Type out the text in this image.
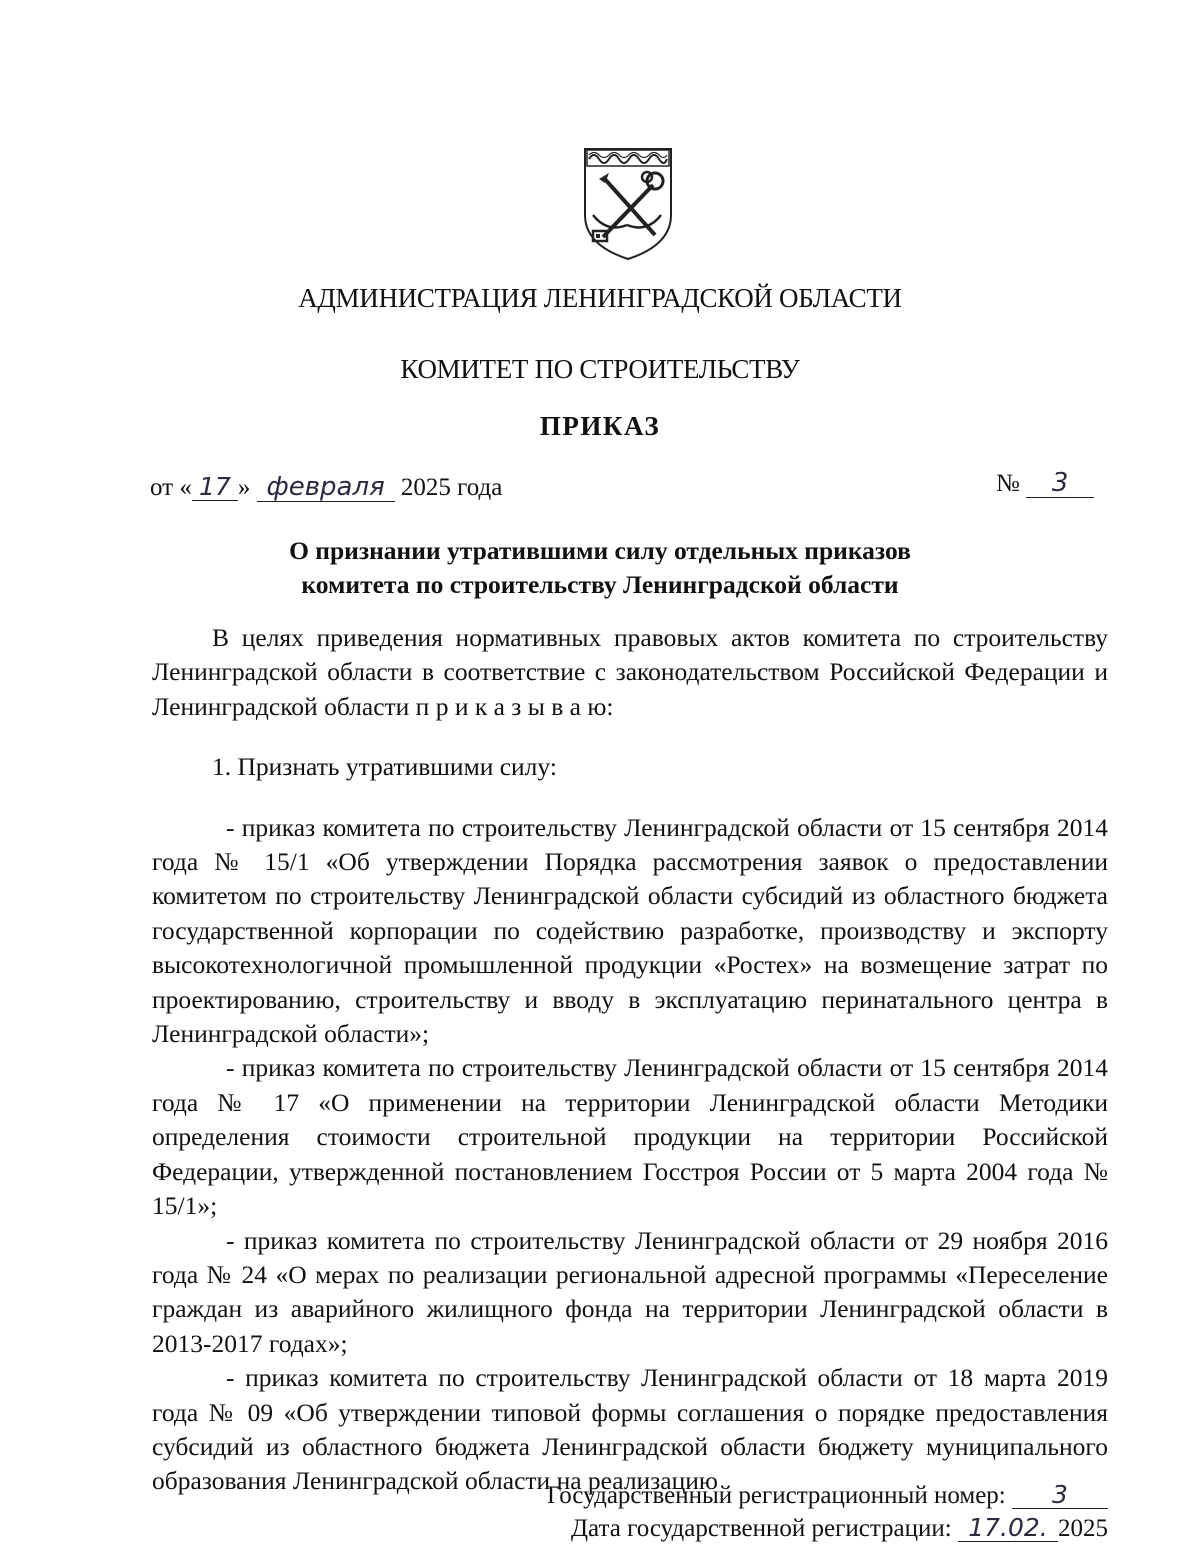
АДМИНИСТРАЦИЯ ЛЕНИНГРАДСКОЙ ОБЛАСТИ
КОМИТЕТ ПО СТРОИТЕЛЬСТВУ
ПРИКАЗ
от « 17 » февраля 2025 года	№ 3
О признании утратившими силу отдельных приказов
комитета по строительству Ленинградской области

В целях приведения нормативных правовых актов комитета по строительству Ленинградской области в соответствие с законодательством Российской Федерации и Ленинградской области п р и к а з ы в а ю:

1. Признать утратившими силу:

- приказ комитета по строительству Ленинградской области от 15 сентября 2014 года № 15/1 «Об утверждении Порядка рассмотрения заявок о предоставлении комитетом по строительству Ленинградской области субсидий из областного бюджета государственной корпорации по содействию разработке, производству и экспорту высокотехнологичной промышленной продукции «Ростех» на возмещение затрат по проектированию, строительству и вводу в эксплуатацию перинатального центра в Ленинградской области»;

- приказ комитета по строительству Ленинградской области от 15 сентября 2014 года № 17 «О применении на территории Ленинградской области Методики определения стоимости строительной продукции на территории Российской Федерации, утвержденной постановлением Госстроя России от 5 марта 2004 года № 15/1»;

- приказ комитета по строительству Ленинградской области от 29 ноября 2016 года № 24 «О мерах по реализации региональной адресной программы «Переселение граждан из аварийного жилищного фонда на территории Ленинградской области в 2013-2017 годах»;

- приказ комитета по строительству Ленинградской области от 18 марта 2019 года № 09 «Об утверждении типовой формы соглашения о порядке предоставления субсидий из областного бюджета Ленинградской области бюджету муниципального образования Ленинградской области на реализацию

Государственный регистрационный номер: 3
Дата государственной регистрации: 17.02. 2025
